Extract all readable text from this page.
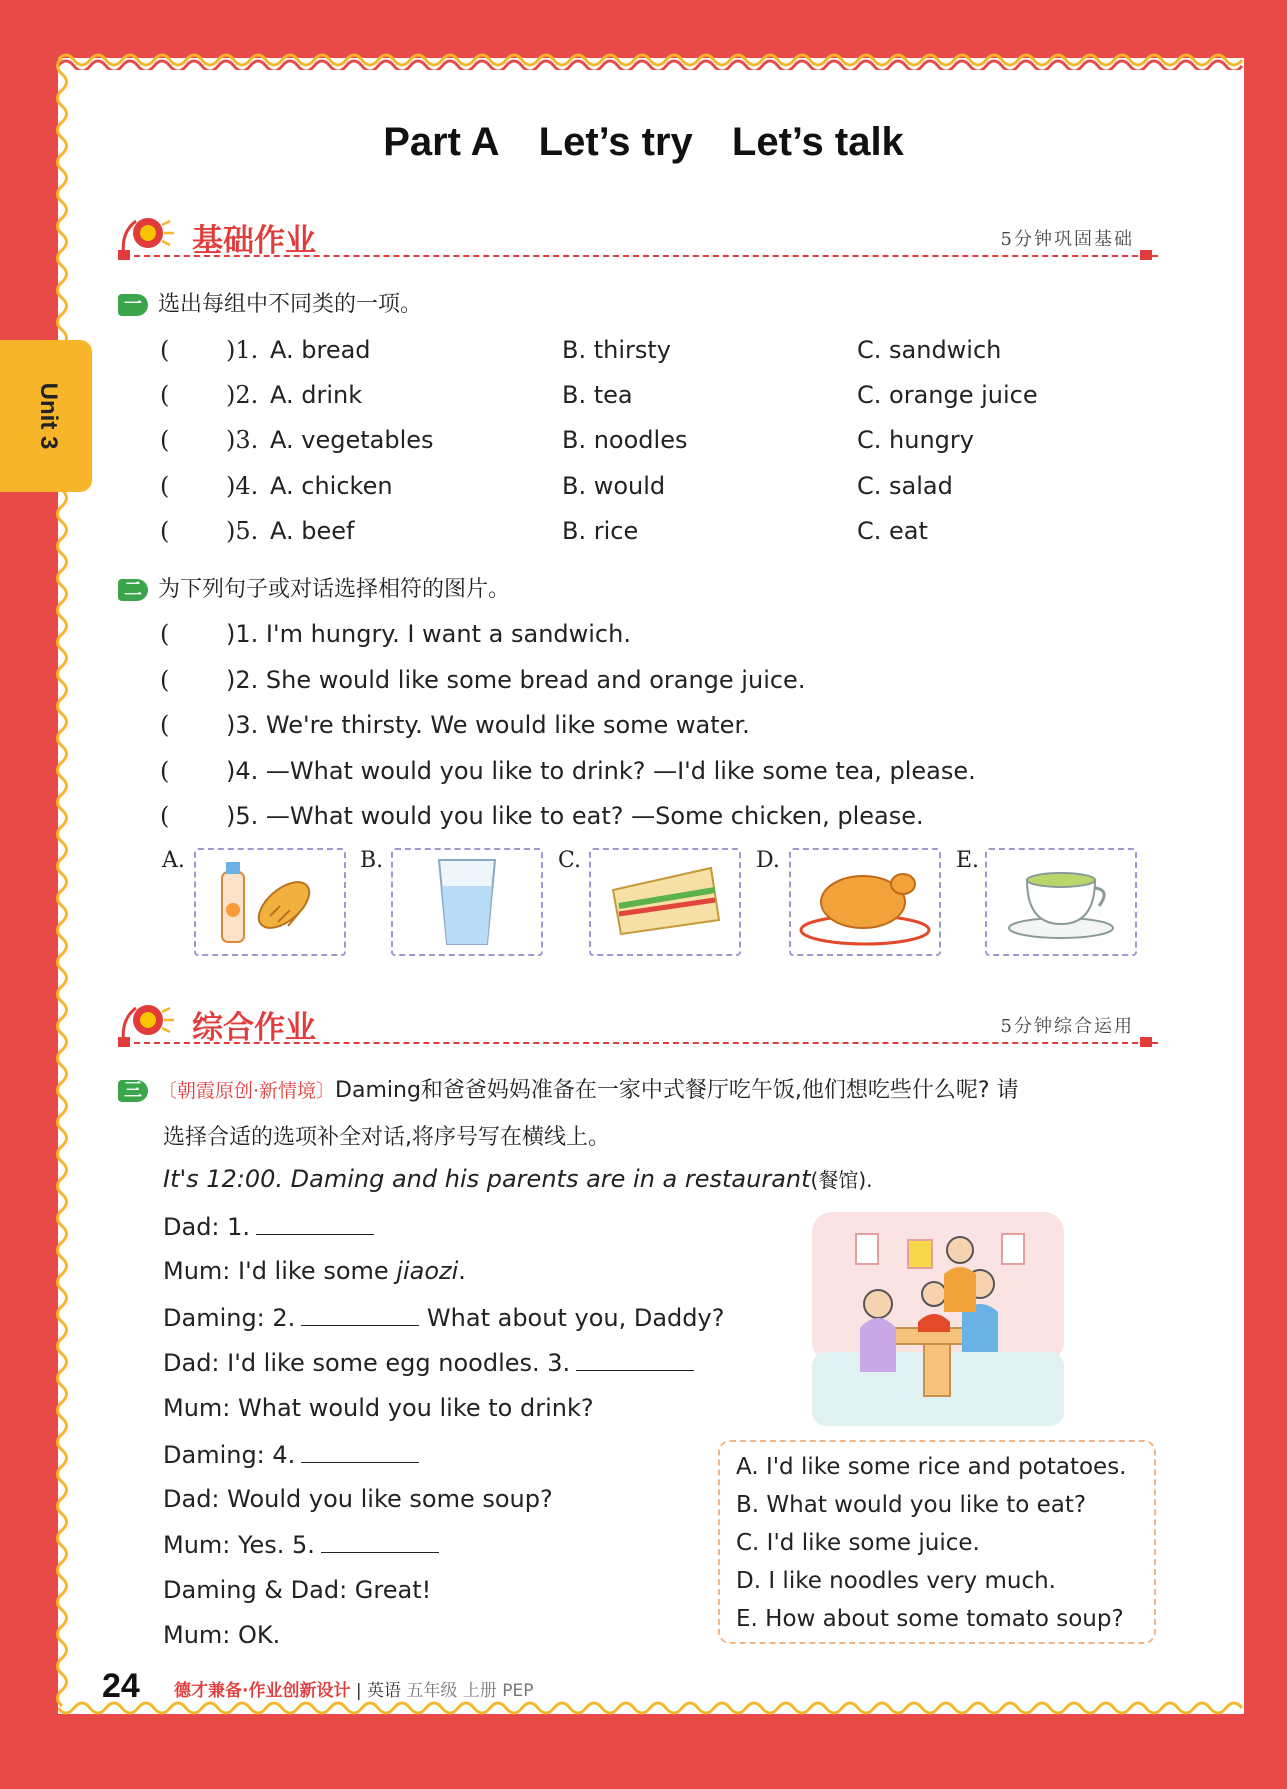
Unit 3
Part A Let’s try Let’s talk
基础作业	5分钟巩固基础
一 选出每组中不同类的一项。
( )1. A. bread	B. thirsty	C. sandwich
( )2. A. drink	B. tea	C. orange juice
( )3. A. vegetables	B. noodles	C. hungry
( )4. A. chicken	B. would	C. salad
( )5. A. beef	B. rice	C. eat
二 为下列句子或对话选择相符的图片。
( )1. I'm hungry. I want a sandwich.
( )2. She would like some bread and orange juice.
( )3. We're thirsty. We would like some water.
( )4. —What would you like to drink? —I'd like some tea, please.
( )5. —What would you like to eat? —Some chicken, please.
A.	B.	C.	D.	E.
综合作业	5分钟综合运用
三 〔朝霞原创·新情境〕Daming和爸爸妈妈准备在一家中式餐厅吃午饭,他们想吃些什么呢? 请
选择合适的选项补全对话,将序号写在横线上。
It's 12:00. Daming and his parents are in a restaurant(餐馆).
Dad: 1.
Mum: I'd like some jiaozi.
Daming: 2.	What about you, Daddy?
Dad: I'd like some egg noodles. 3.
Mum: What would you like to drink?
Daming: 4.
Dad: Would you like some soup?
Mum: Yes. 5.
Daming & Dad: Great!
Mum: OK.
A. I'd like some rice and potatoes.
B. What would you like to eat?
C. I'd like some juice.
D. I like noodles very much.
E. How about some tomato soup?
24 德才兼备·作业创新设计 | 英语 五年级 上册 PEP
